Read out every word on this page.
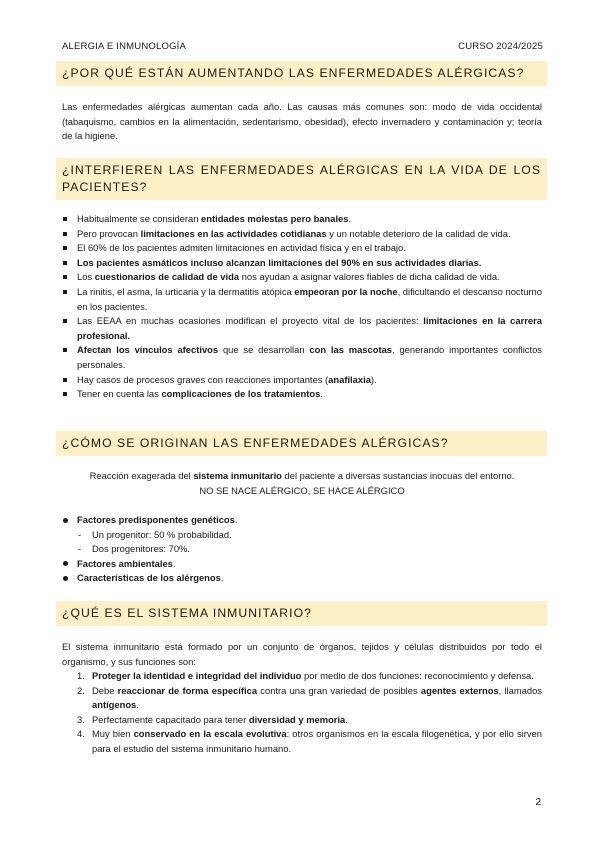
ALERGIA E INMUNOLOGÍA	CURSO 2024/2025
¿POR QUÉ ESTÁN AUMENTANDO LAS ENFERMEDADES ALÉRGICAS?
Las enfermedades alérgicas aumentan cada año. Las causas más comunes son: modo de vida occidental (tabaquismo, cambios en la alimentación, sedentarismo, obesidad), efecto invernadero y contaminación y; teoría de la higiene.
¿INTERFIEREN LAS ENFERMEDADES ALÉRGICAS EN LA VIDA DE LOS PACIENTES?
Habitualmente se consideran entidades molestas pero banales.
Pero provocan limitaciones en las actividades cotidianas y un notable deterioro de la calidad de vida.
El 60% de los pacientes admiten limitaciones en actividad física y en el trabajo.
Los pacientes asmáticos incluso alcanzan limitaciones del 90% en sus actividades diarias.
Los cuestionarios de calidad de vida nos ayudan a asignar valores fiables de dicha calidad de vida.
La rinitis, el asma, la urticaria y la dermatitis atópica empeoran por la noche, dificultando el descanso nocturno en los pacientes.
Las EEAA en muchas ocasiones modifican el proyecto vital de los pacientes: limitaciones en la carrera profesional.
Afectan los vínculos afectivos que se desarrollan con las mascotas, generando importantes conflictos personales.
Hay casos de procesos graves con reacciones importantes (anafilaxia).
Tener en cuenta las complicaciones de los tratamientos.
¿CÓMO SE ORIGINAN LAS ENFERMEDADES ALÉRGICAS?
Reacción exagerada del sistema inmunitario del paciente a diversas sustancias inocuas del entorno.
NO SE NACE ALÉRGICO, SE HACE ALÉRGICO
Factores predisponentes genéticos.
- Un progenitor: 50 % probabilidad.
- Dos progenitores: 70%.
Factores ambientales.
Características de los alérgenos.
¿QUÉ ES EL SISTEMA INMUNITARIO?
El sistema inmunitario está formado por un conjunto de órganos, tejidos y células distribuidos por todo el organismo, y sus funciones son:
1. Proteger la identidad e integridad del individuo por medio de dos funciones: reconocimiento y defensa.
2. Debe reaccionar de forma específica contra una gran variedad de posibles agentes externos, llamados antígenos.
3. Perfectamente capacitado para tener diversidad y memoria.
4. Muy bien conservado en la escala evolutiva: otros organismos en la escala filogenética, y por ello sirven para el estudio del sistema inmunitario humano.
2
